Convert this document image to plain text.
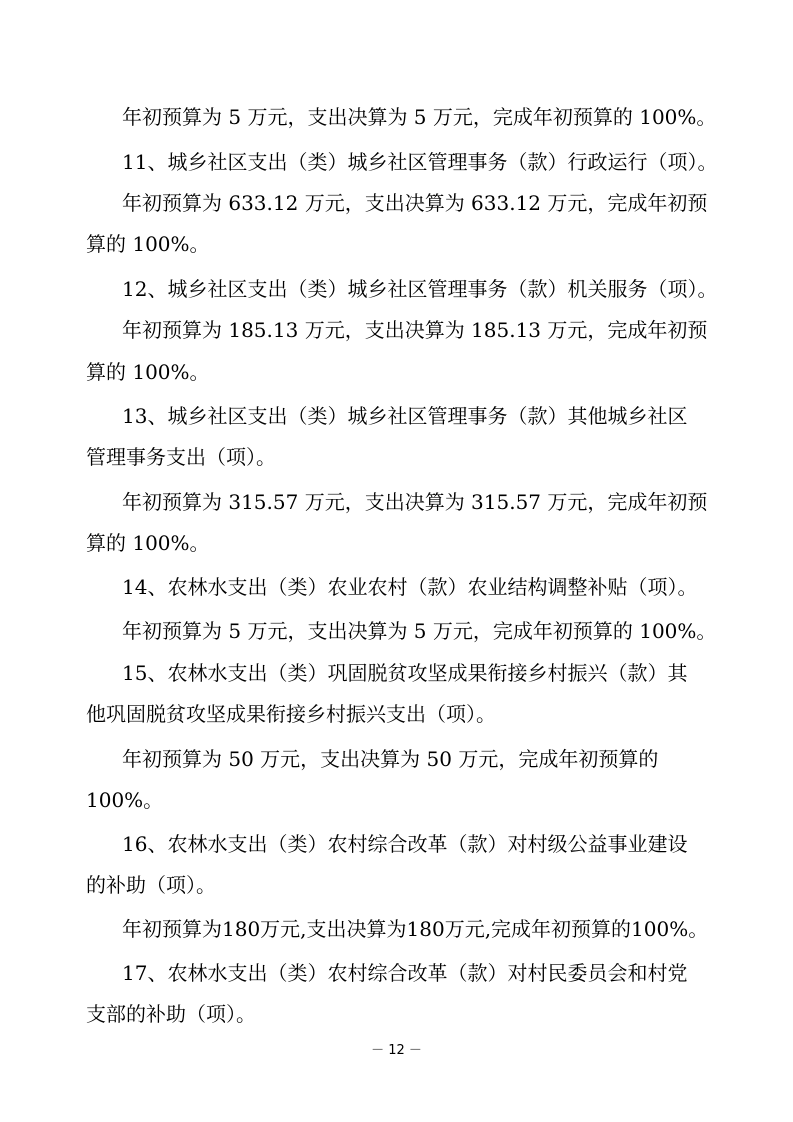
年初预算为 5 万元，支出决算为 5 万元，完成年初预算的 100%。

11、城乡社区支出（类）城乡社区管理事务（款）行政运行（项）。

年初预算为 633.12 万元，支出决算为 633.12 万元，完成年初预

算的 100%。

12、城乡社区支出（类）城乡社区管理事务（款）机关服务（项）。

年初预算为 185.13 万元，支出决算为 185.13 万元，完成年初预

算的 100%。

13、城乡社区支出（类）城乡社区管理事务（款）其他城乡社区

管理事务支出（项）。

年初预算为 315.57 万元，支出决算为 315.57 万元，完成年初预

算的 100%。

14、农林水支出（类）农业农村（款）农业结构调整补贴（项）。

年初预算为 5 万元，支出决算为 5 万元，完成年初预算的 100%。

15、农林水支出（类）巩固脱贫攻坚成果衔接乡村振兴（款）其

他巩固脱贫攻坚成果衔接乡村振兴支出（项）。

年初预算为 50 万元，支出决算为 50 万元，完成年初预算的

100%。

16、农林水支出（类）农村综合改革（款）对村级公益事业建设

的补助（项）。

年初预算为180万元,支出决算为180万元,完成年初预算的100%。

17、农林水支出（类）农村综合改革（款）对村民委员会和村党

支部的补助（项）。

－ 12 －
